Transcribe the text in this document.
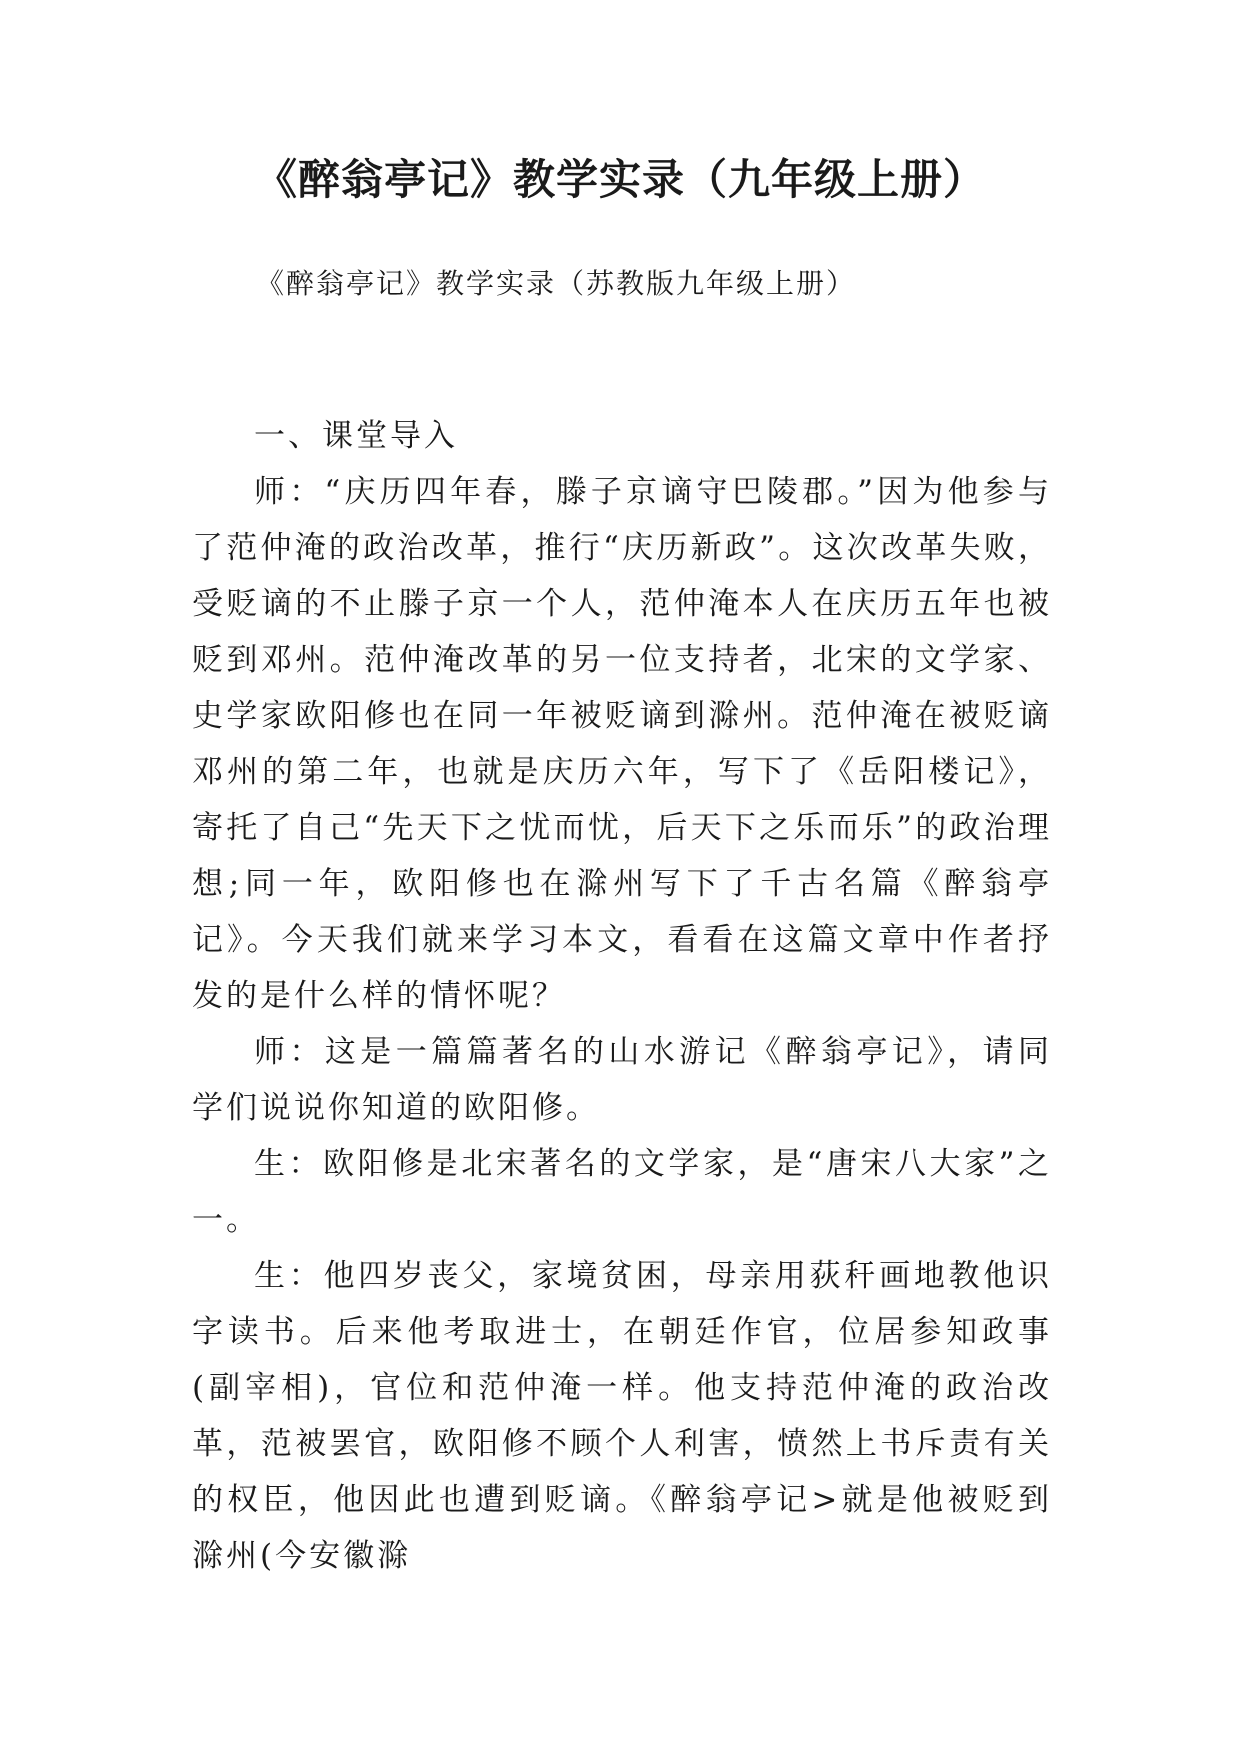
《醉翁亭记》教学实录（九年级上册）

《醉翁亭记》教学实录（苏教版九年级上册）

一、课堂导入

师：“庆历四年春，滕子京谪守巴陵郡。”因为他参与了范仲淹的政治改革，推行“庆历新政”。这次改革失败，受贬谪的不止滕子京一个人，范仲淹本人在庆历五年也被贬到邓州。范仲淹改革的另一位支持者，北宋的文学家、史学家欧阳修也在同一年被贬谪到滁州。范仲淹在被贬谪邓州的第二年，也就是庆历六年，写下了《岳阳楼记》，寄托了自己“先天下之忧而忧，后天下之乐而乐”的政治理想;同一年，欧阳修也在滁州写下了千古名篇《醉翁亭记》。今天我们就来学习本文，看看在这篇文章中作者抒发的是什么样的情怀呢？

师：这是一篇篇著名的山水游记《醉翁亭记》，请同学们说说你知道的欧阳修。

生：欧阳修是北宋著名的文学家，是“唐宋八大家”之一。

生：他四岁丧父，家境贫困，母亲用荻秆画地教他识字读书。后来他考取进士，在朝廷作官，位居参知政事(副宰相)，官位和范仲淹一样。他支持范仲淹的政治改革，范被罢官，欧阳修不顾个人利害，愤然上书斥责有关的权臣，他因此也遭到贬谪。《醉翁亭记>就是他被贬到滁州(今安徽滁
